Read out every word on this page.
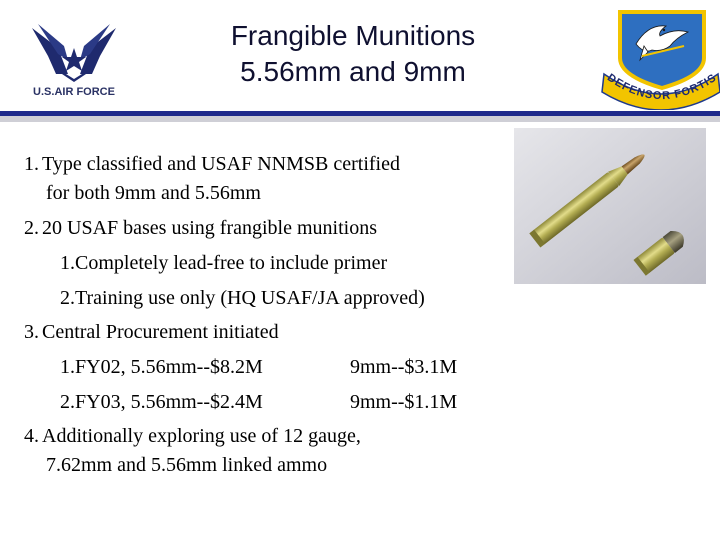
U.S.AIR FORCE
Frangible Munitions
5.56mm and 9mm	DEFENSOR FORTIS
1. Type classified and USAF NNMSB certified
for both 9mm and 5.56mm
2. 20 USAF bases using frangible munitions
1.Completely lead-free to include primer
2.Training use only (HQ USAF/JA approved)
3. Central Procurement initiated
1.FY02, 5.56mm--$8.2M	9mm--$3.1M
2.FY03, 5.56mm--$2.4M	9mm--$1.1M
4. Additionally exploring use of 12 gauge,
7.62mm and 5.56mm linked ammo
